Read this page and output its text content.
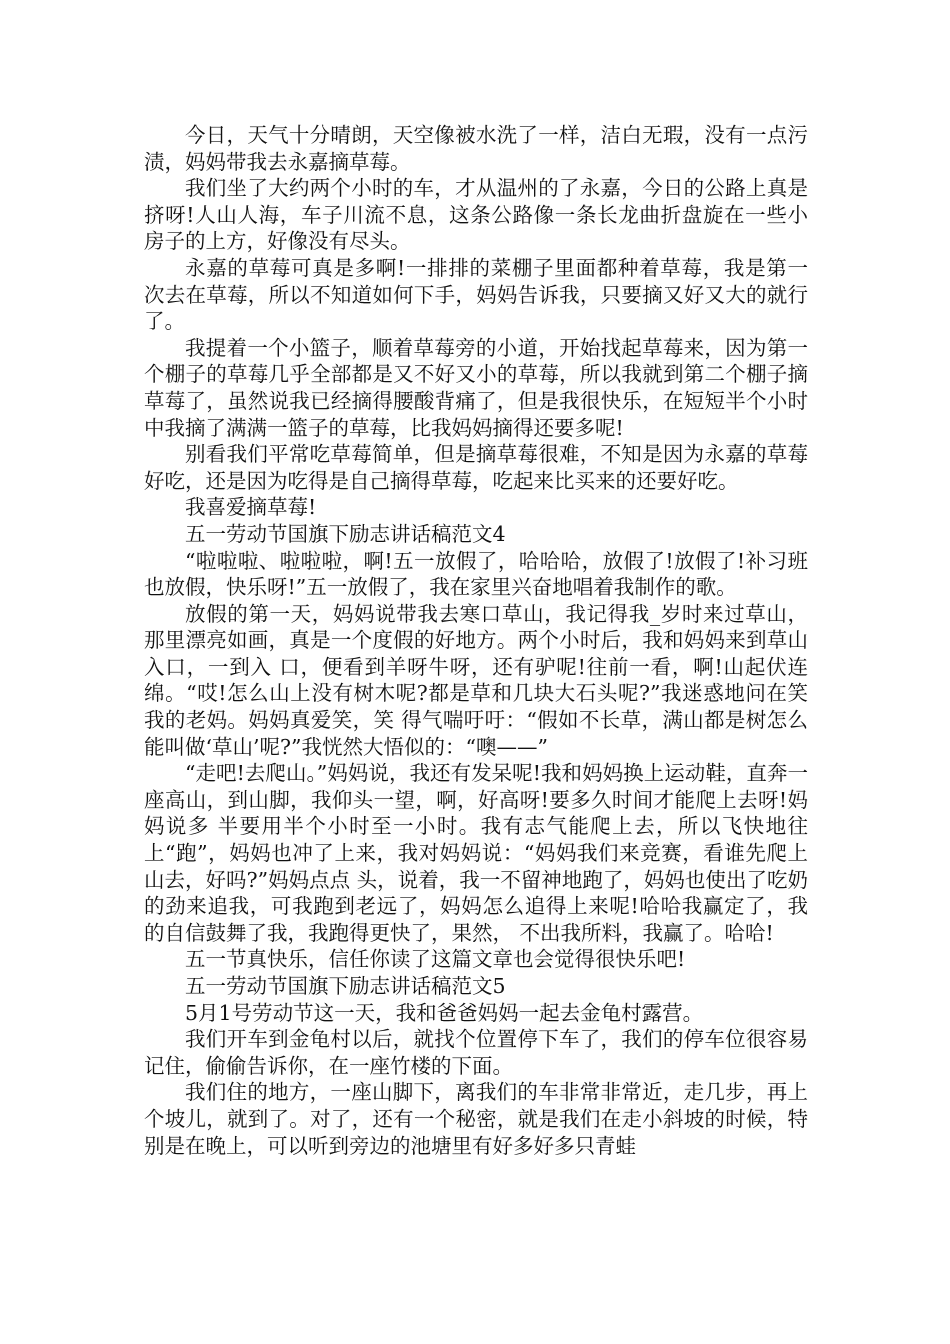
今日，天气十分晴朗，天空像被水洗了一样，洁白无瑕，没有一点污渍，妈妈带我去永嘉摘草莓。

我们坐了大约两个小时的车，才从温州的了永嘉，今日的公路上真是挤呀!人山人海，车子川流不息，这条公路像一条长龙曲折盘旋在一些小房子的上方，好像没有尽头。

永嘉的草莓可真是多啊!一排排的菜棚子里面都种着草莓，我是第一次去在草莓，所以不知道如何下手，妈妈告诉我，只要摘又好又大的就行了。

我提着一个小篮子，顺着草莓旁的小道，开始找起草莓来，因为第一个棚子的草莓几乎全部都是又不好又小的草莓，所以我就到第二个棚子摘草莓了，虽然说我已经摘得腰酸背痛了，但是我很快乐，在短短半个小时中我摘了满满一篮子的草莓，比我妈妈摘得还要多呢!

别看我们平常吃草莓简单，但是摘草莓很难，不知是因为永嘉的草莓好吃，还是因为吃得是自己摘得草莓，吃起来比买来的还要好吃。

我喜爱摘草莓!

五一劳动节国旗下励志讲话稿范文4

“啦啦啦、啦啦啦，啊!五一放假了，哈哈哈，放假了!放假了!补习班也放假，快乐呀!”五一放假了，我在家里兴奋地唱着我制作的歌。

放假的第一天，妈妈说带我去寒口草山，我记得我_岁时来过草山，那里漂亮如画，真是一个度假的好地方。两个小时后，我和妈妈来到草山入口，一到入 口，便看到羊呀牛呀，还有驴呢!往前一看，啊!山起伏连绵。“哎!怎么山上没有树木呢?都是草和几块大石头呢?”我迷惑地问在笑我的老妈。妈妈真爱笑，笑 得气喘吁吁：“假如不长草，满山都是树怎么能叫做‘草山’呢?”我恍然大悟似的：“噢——”

“走吧!去爬山。”妈妈说，我还有发呆呢!我和妈妈换上运动鞋，直奔一座高山，到山脚，我仰头一望，啊，好高呀!要多久时间才能爬上去呀!妈妈说多 半要用半个小时至一小时。我有志气能爬上去，所以飞快地往上“跑”，妈妈也冲了上来，我对妈妈说：“妈妈我们来竞赛，看谁先爬上山去，好吗?”妈妈点点 头，说着，我一不留神地跑了，妈妈也使出了吃奶的劲来追我，可我跑到老远了，妈妈怎么追得上来呢!哈哈我赢定了，我的自信鼓舞了我，我跑得更快了，果然， 不出我所料，我赢了。哈哈!

五一节真快乐，信任你读了这篇文章也会觉得很快乐吧!

五一劳动节国旗下励志讲话稿范文5

5月1号劳动节这一天，我和爸爸妈妈一起去金龟村露营。

我们开车到金龟村以后，就找个位置停下车了，我们的停车位很容易记住，偷偷告诉你，在一座竹楼的下面。

我们住的地方，一座山脚下，离我们的车非常非常近，走几步，再上个坡儿，就到了。对了，还有一个秘密，就是我们在走小斜坡的时候，特别是在晚上，可以听到旁边的池塘里有好多好多只青蛙
